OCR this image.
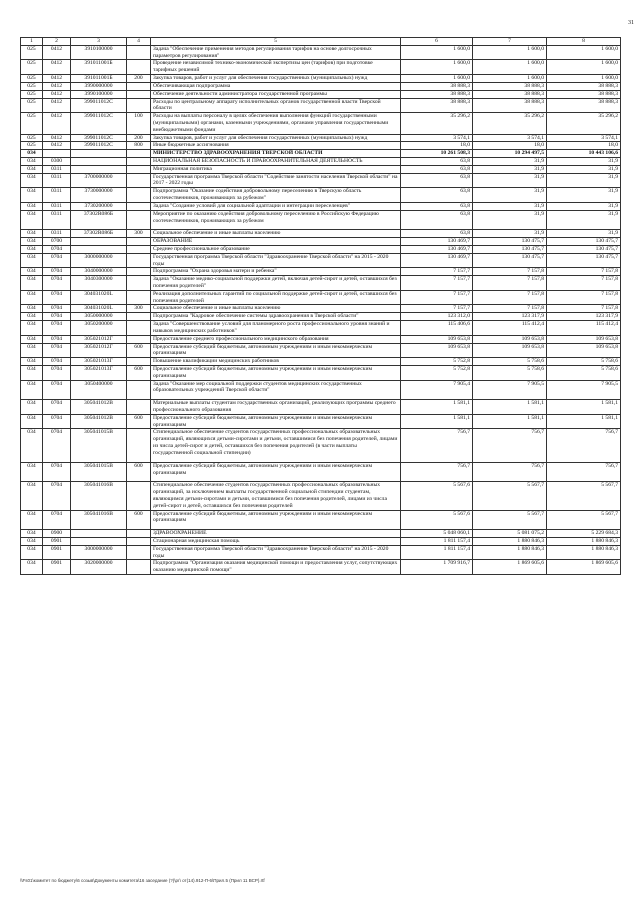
31
1	2	3	4	5	6	7	8
025	0412	3910100000		Задача "Обеспечение применения методов регулирования тарифов на основе долгосрочных параметров регулирования"	1 600,0	1 600,0	1 600,0
025	0412	391011001Б		Проведение независимой технико-экономической экспертизы цен (тарифов) при подготовке тарифных решений	1 600,0	1 600,0	1 600,0
025	0412	391011001Б	200	Закупка товаров, работ и услуг для обеспечения государственных (муниципальных) нужд	1 600,0	1 600,0	1 600,0
025	0412	3990000000		Обеспечивающая подпрограмма	38 888,3	38 888,3	38 888,3
025	0412	3990100000		Обеспечение деятельности администратора государственной программы	38 888,3	38 888,3	38 888,3
025	0412	399011012С		Расходы по центральному аппарату исполнительных органов государственной власти Тверской области	38 888,3	38 888,3	38 888,3
025	0412	399011012С	100	Расходы на выплаты персоналу в целях обеспечения выполнения функций государственными (муниципальными) органами, казенными учреждениями, органами управления государственными внебюджетными фондами	35 296,2	35 296,2	35 296,2
025	0412	399011012С	200	Закупка товаров, работ и услуг для обеспечения государственных (муниципальных) нужд	3 574,1	3 574,1	3 574,1
025	0412	399011012С	800	Иные бюджетные ассигнования	18,0	18,0	18,0
034				МИНИСТЕРСТВО ЗДРАВООХРАНЕНИЯ ТВЕРСКОЙ ОБЛАСТИ	10 261 508,3	10 294 497,5	10 443 106,6
034	0300			НАЦИОНАЛЬНАЯ БЕЗОПАСНОСТЬ И ПРАВООХРАНИТЕЛЬНАЯ ДЕЯТЕЛЬНОСТЬ	63,8	31,9	31,9
034	0311			Миграционная политика	63,8	31,9	31,9
034	0311	3700000000		Государственная программа Тверской области "Содействие занятости населения Тверской области" на 2017 - 2022 годы	63,8	31,9	31,9
034	0311	3730000000		Подпрограмма "Оказание содействия добровольному переселению в Тверскую область соотечественников, проживающих за рубежом"	63,8	31,9	31,9
034	0311	3730200000		Задача "Создание условий для социальной адаптации и интеграции переселенцев"	63,8	31,9	31,9
034	0311	37302R086Б		Мероприятие по оказанию содействия добровольному переселению в Российскую Федерацию соотечественников, проживающих за рубежом	63,8	31,9	31,9
034	0311	37302R086Б	300	Социальное обеспечение и иные выплаты населению	63,8	31,9	31,9
034	0700			ОБРАЗОВАНИЕ	130 469,7	130 475,7	130 475,7
034	0704			Среднее профессиональное образование	130 469,7	130 475,7	130 475,7
034	0704	3000000000		Государственная программа Тверской области "Здравоохранение Тверской области" на 2015 - 2020 годы	130 469,7	130 475,7	130 475,7
034	0704	3040000000		Подпрограмма "Охрана здоровья матери и ребенка"	7 157,7	7 157,8	7 157,8
034	0704	3040300000		Задача "Оказание медико-социальной поддержки детей, включая детей-сирот и детей, оставшихся без попечения родителей"	7 157,7	7 157,8	7 157,8
034	0704	304031020L		Реализация дополнительных гарантий по социальной поддержке детей-сирот и детей, оставшихся без попечения родителей	7 157,7	7 157,8	7 157,8
034	0704	304031020L	300	Социальное обеспечение и иные выплаты населению	7 157,7	7 157,8	7 157,8
034	0704	3050000000		Подпрограмма "Кадровое обеспечение системы здравоохранения в Тверской области"	123 312,0	123 317,9	123 317,9
034	0704	3050200000		Задача "Совершенствование условий для планомерного роста профессионального уровня знаний и навыков медицинских работников"	115 406,6	115 412,4	115 412,4
034	0704	305021012Г		Предоставление среднего профессионального медицинского образования	109 653,8	109 653,8	109 653,8
034	0704	305021012Г	600	Предоставление субсидий бюджетным, автономным учреждениям и иным некоммерческим организациям	109 653,8	109 653,8	109 653,8
034	0704	305021013Г		Повышение квалификации медицинских работников	5 752,8	5 758,6	5 758,6
034	0704	305021013Г	600	Предоставление субсидий бюджетным, автономным учреждениям и иным некоммерческим организациям	5 752,8	5 758,6	5 758,6
034	0704	3050400000		Задача "Оказание мер социальной поддержки студентов медицинских государственных образовательных учреждений Тверской области"	7 905,4	7 905,5	7 905,5
034	0704	305041012В		Материальные выплаты студентам государственных организаций, реализующих программы среднего профессионального образования	1 581,1	1 581,1	1 581,1
034	0704	305041012В	600	Предоставление субсидий бюджетным, автономным учреждениям и иным некоммерческим организациям	1 581,1	1 581,1	1 581,1
034	0704	305041015В		Стипендиальное обеспечение студентов государственных профессиональных образовательных организаций, являющихся детьми-сиротами и детьми, оставшимися без попечения родителей, лицами из числа детей-сирот и детей, оставшихся без попечения родителей (в части выплаты государственной социальной стипендии)	756,7	756,7	756,7
034	0704	305041015В	600	Предоставление субсидий бюджетным, автономным учреждениям и иным некоммерческим организациям	756,7	756,7	756,7
034	0704	305041016В		Стипендиальное обеспечение студентов государственных профессиональных образовательных организаций, за исключением выплаты государственной социальной стипендии студентам, являющимся детьми-сиротами и детьми, оставшимися без попечения родителей, лицами из числа детей-сирот и детей, оставшихся без попечения родителей	5 567,6	5 567,7	5 567,7
034	0704	305041016В	600	Предоставление субсидий бюджетным, автономным учреждениям и иным некоммерческим организациям	5 567,6	5 567,7	5 567,7
034	0900			ЗДРАВООХРАНЕНИЕ	5 048 060,1	5 081 075,2	5 229 684,3
034	0901			Стационарная медицинская помощь	1 811 157,4	1 880 846,3	1 880 846,3
034	0901	3000000000		Государственная программа Тверской области "Здравоохранение Тверской области" на 2015 - 2020 годы	1 811 157,4	1 880 846,3	1 880 846,3
034	0901	3020000000		Подпрограмма "Организация оказания медицинской помощи и предоставления услуг, сопутствующих оказанию медицинской помощи"	1 709 916,7	1 869 605,6	1 869 605,6
\\Fs01\комитет по бюджету\6 созыв\Документы комитета\16 заседание (?)\рг\ от(14).912-П-6\Прил.5 (Прил 11 ВСР).rtf
